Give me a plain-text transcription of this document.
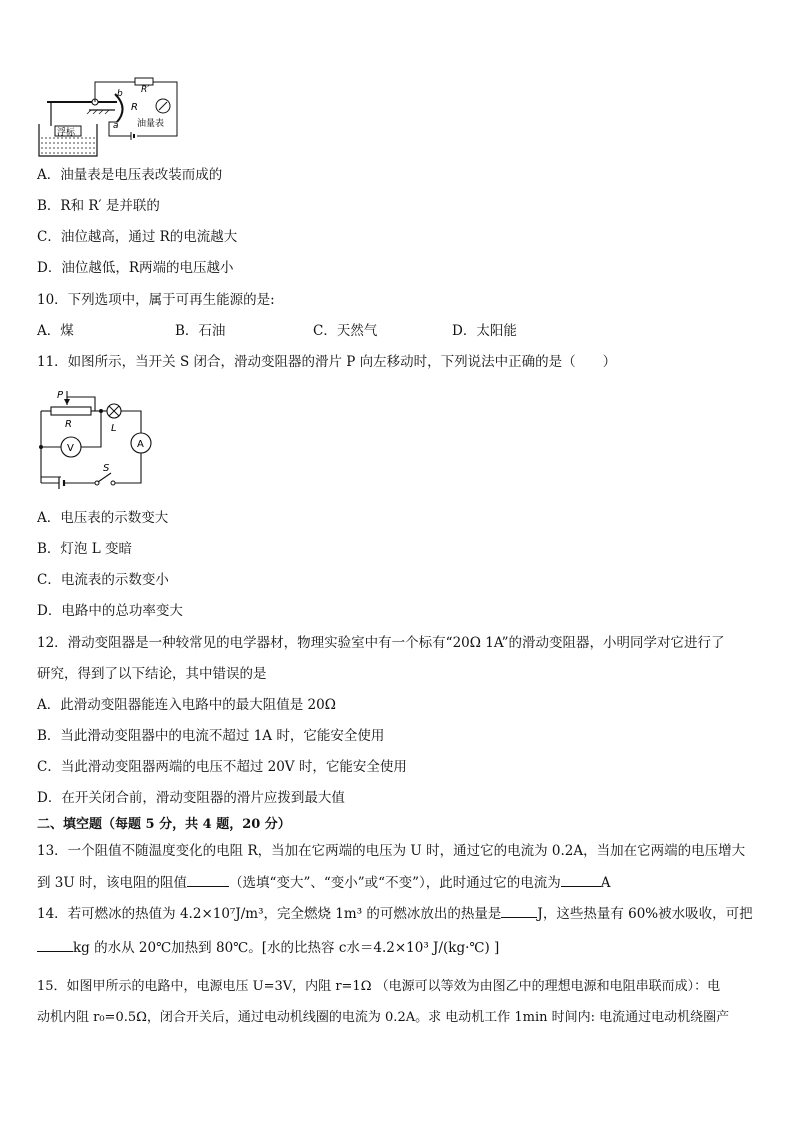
浮标
b
a
R
R′
油量表
A．油量表是电压表改装而成的
B．R和 R′ 是并联的
C．油位越高，通过 R的电流越大
D．油位越低，R两端的电压越小
10．下列选项中，属于可再生能源的是:
A．煤	B．石油	C．天然气	D．太阳能
11．如图所示，当开关 S 闭合，滑动变阻器的滑片 P 向左移动时，下列说法中正确的是（　　）
P
R	L
A
V
S
A．电压表的示数变大
B．灯泡 L 变暗
C．电流表的示数变小
D．电路中的总功率变大
12．滑动变阻器是一种较常见的电学器材，物理实验室中有一个标有“20Ω 1A”的滑动变阻器，小明同学对它进行了
研究，得到了以下结论，其中错误的是
A．此滑动变阻器能连入电路中的最大阻值是 20Ω
B．当此滑动变阻器中的电流不超过 1A 时，它能安全使用
C．当此滑动变阻器两端的电压不超过 20V 时，它能安全使用
D．在开关闭合前，滑动变阻器的滑片应拨到最大值
二、填空题（每题 5 分，共 4 题，20 分）
13．一个阻值不随温度变化的电阻 R，当加在它两端的电压为 U 时，通过它的电流为 0.2A，当加在它两端的电压增大
到 3U 时，该电阻的阻值	（选填“变大”、“变小”或“不变”），此时通过它的电流为	A
14．若可燃冰的热值为 4.2×10⁷J/m³，完全燃烧 1m³ 的可燃冰放出的热量是	J，这些热量有 60%被水吸收，可把
kg 的水从 20℃加热到 80℃。[水的比热容 c水＝4.2×10³ J/(kg·℃) ]
15．如图甲所示的电路中，电源电压 U=3V，内阻 r=1Ω （电源可以等效为由图乙中的理想电源和电阻串联而成）：电
动机内阻 r₀=0.5Ω，闭合开关后，通过电动机线圈的电流为 0.2A。求 电动机工作 1min 时间内: 电流通过电动机绕圈产
